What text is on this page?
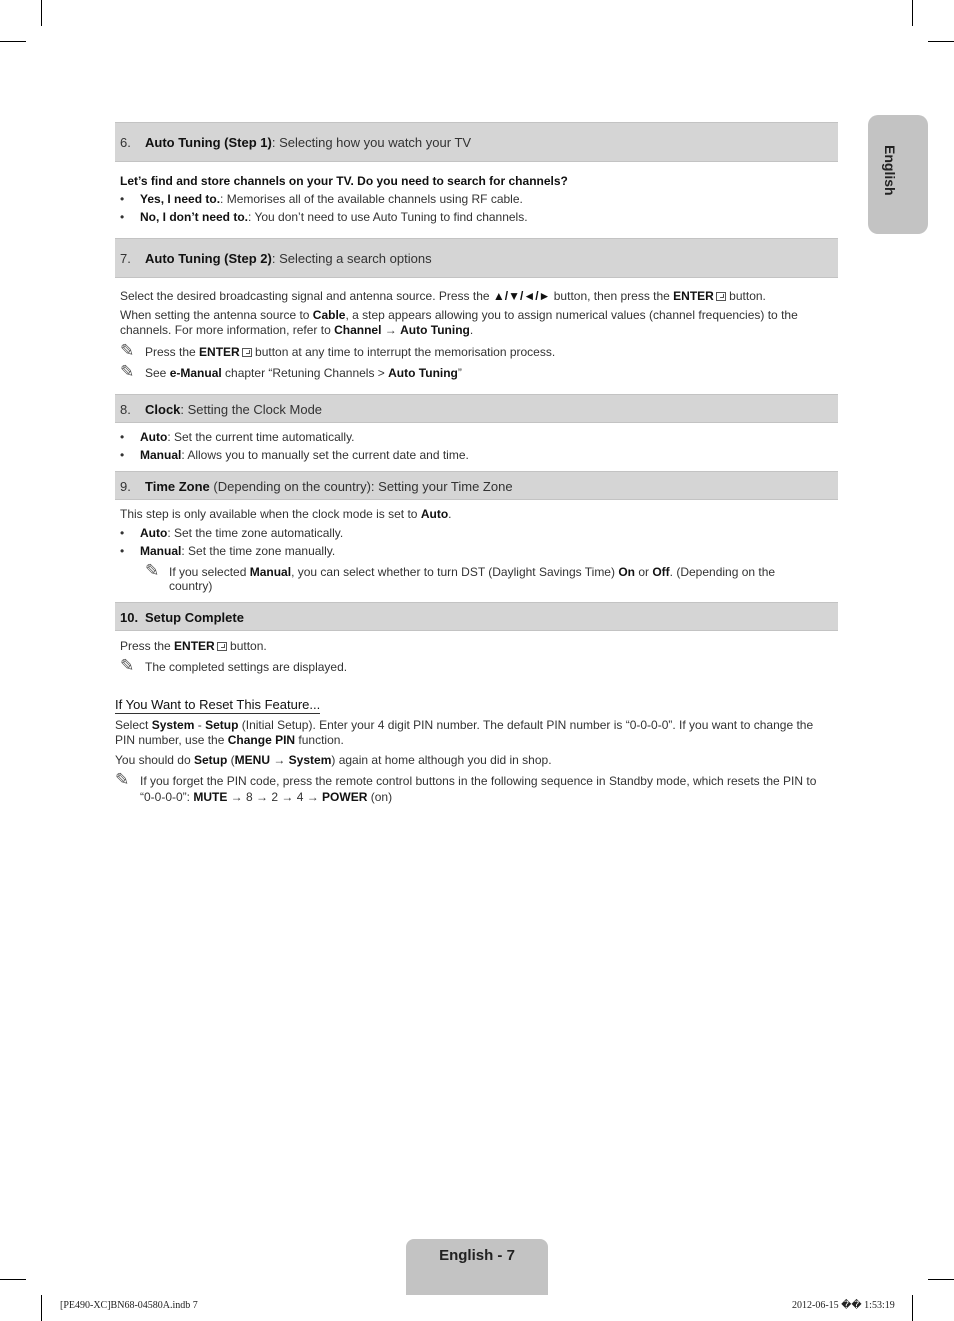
English
6. Auto Tuning (Step 1): Selecting how you watch your TV
Let’s find and store channels on your TV. Do you need to search for channels?
• Yes, I need to.: Memorises all of the available channels using RF cable.
• No, I don’t need to.: You don’t need to use Auto Tuning to find channels.
7. Auto Tuning (Step 2): Selecting a search options
Select the desired broadcasting signal and antenna source. Press the ▲/▼/◄/► button, then press the ENTER button.
When setting the antenna source to Cable, a step appears allowing you to assign numerical values (channel frequencies) to the
channels. For more information, refer to Channel → Auto Tuning.
✎ Press the ENTER button at any time to interrupt the memorisation process.
✎ See e-Manual chapter “Retuning Channels > Auto Tuning”
8. Clock: Setting the Clock Mode
• Auto: Set the current time automatically.
• Manual: Allows you to manually set the current date and time.
9. Time Zone (Depending on the country): Setting your Time Zone
This step is only available when the clock mode is set to Auto.
• Auto: Set the time zone automatically.
• Manual: Set the time zone manually.
✎ If you selected Manual, you can select whether to turn DST (Daylight Savings Time) On or Off. (Depending on the
country)
10. Setup Complete
Press the ENTER button.
✎ The completed settings are displayed.
If You Want to Reset This Feature...
Select System - Setup (Initial Setup). Enter your 4 digit PIN number. The default PIN number is “0-0-0-0”. If you want to change the
PIN number, use the Change PIN function.
You should do Setup (MENU → System) again at home although you did in shop.
✎ If you forget the PIN code, press the remote control buttons in the following sequence in Standby mode, which resets the PIN to
“0-0-0-0”: MUTE → 8 → 2 → 4 → POWER (on)
English - 7
[PE490-XC]BN68-04580A.indb 7	2012-06-15 �� 1:53:19
